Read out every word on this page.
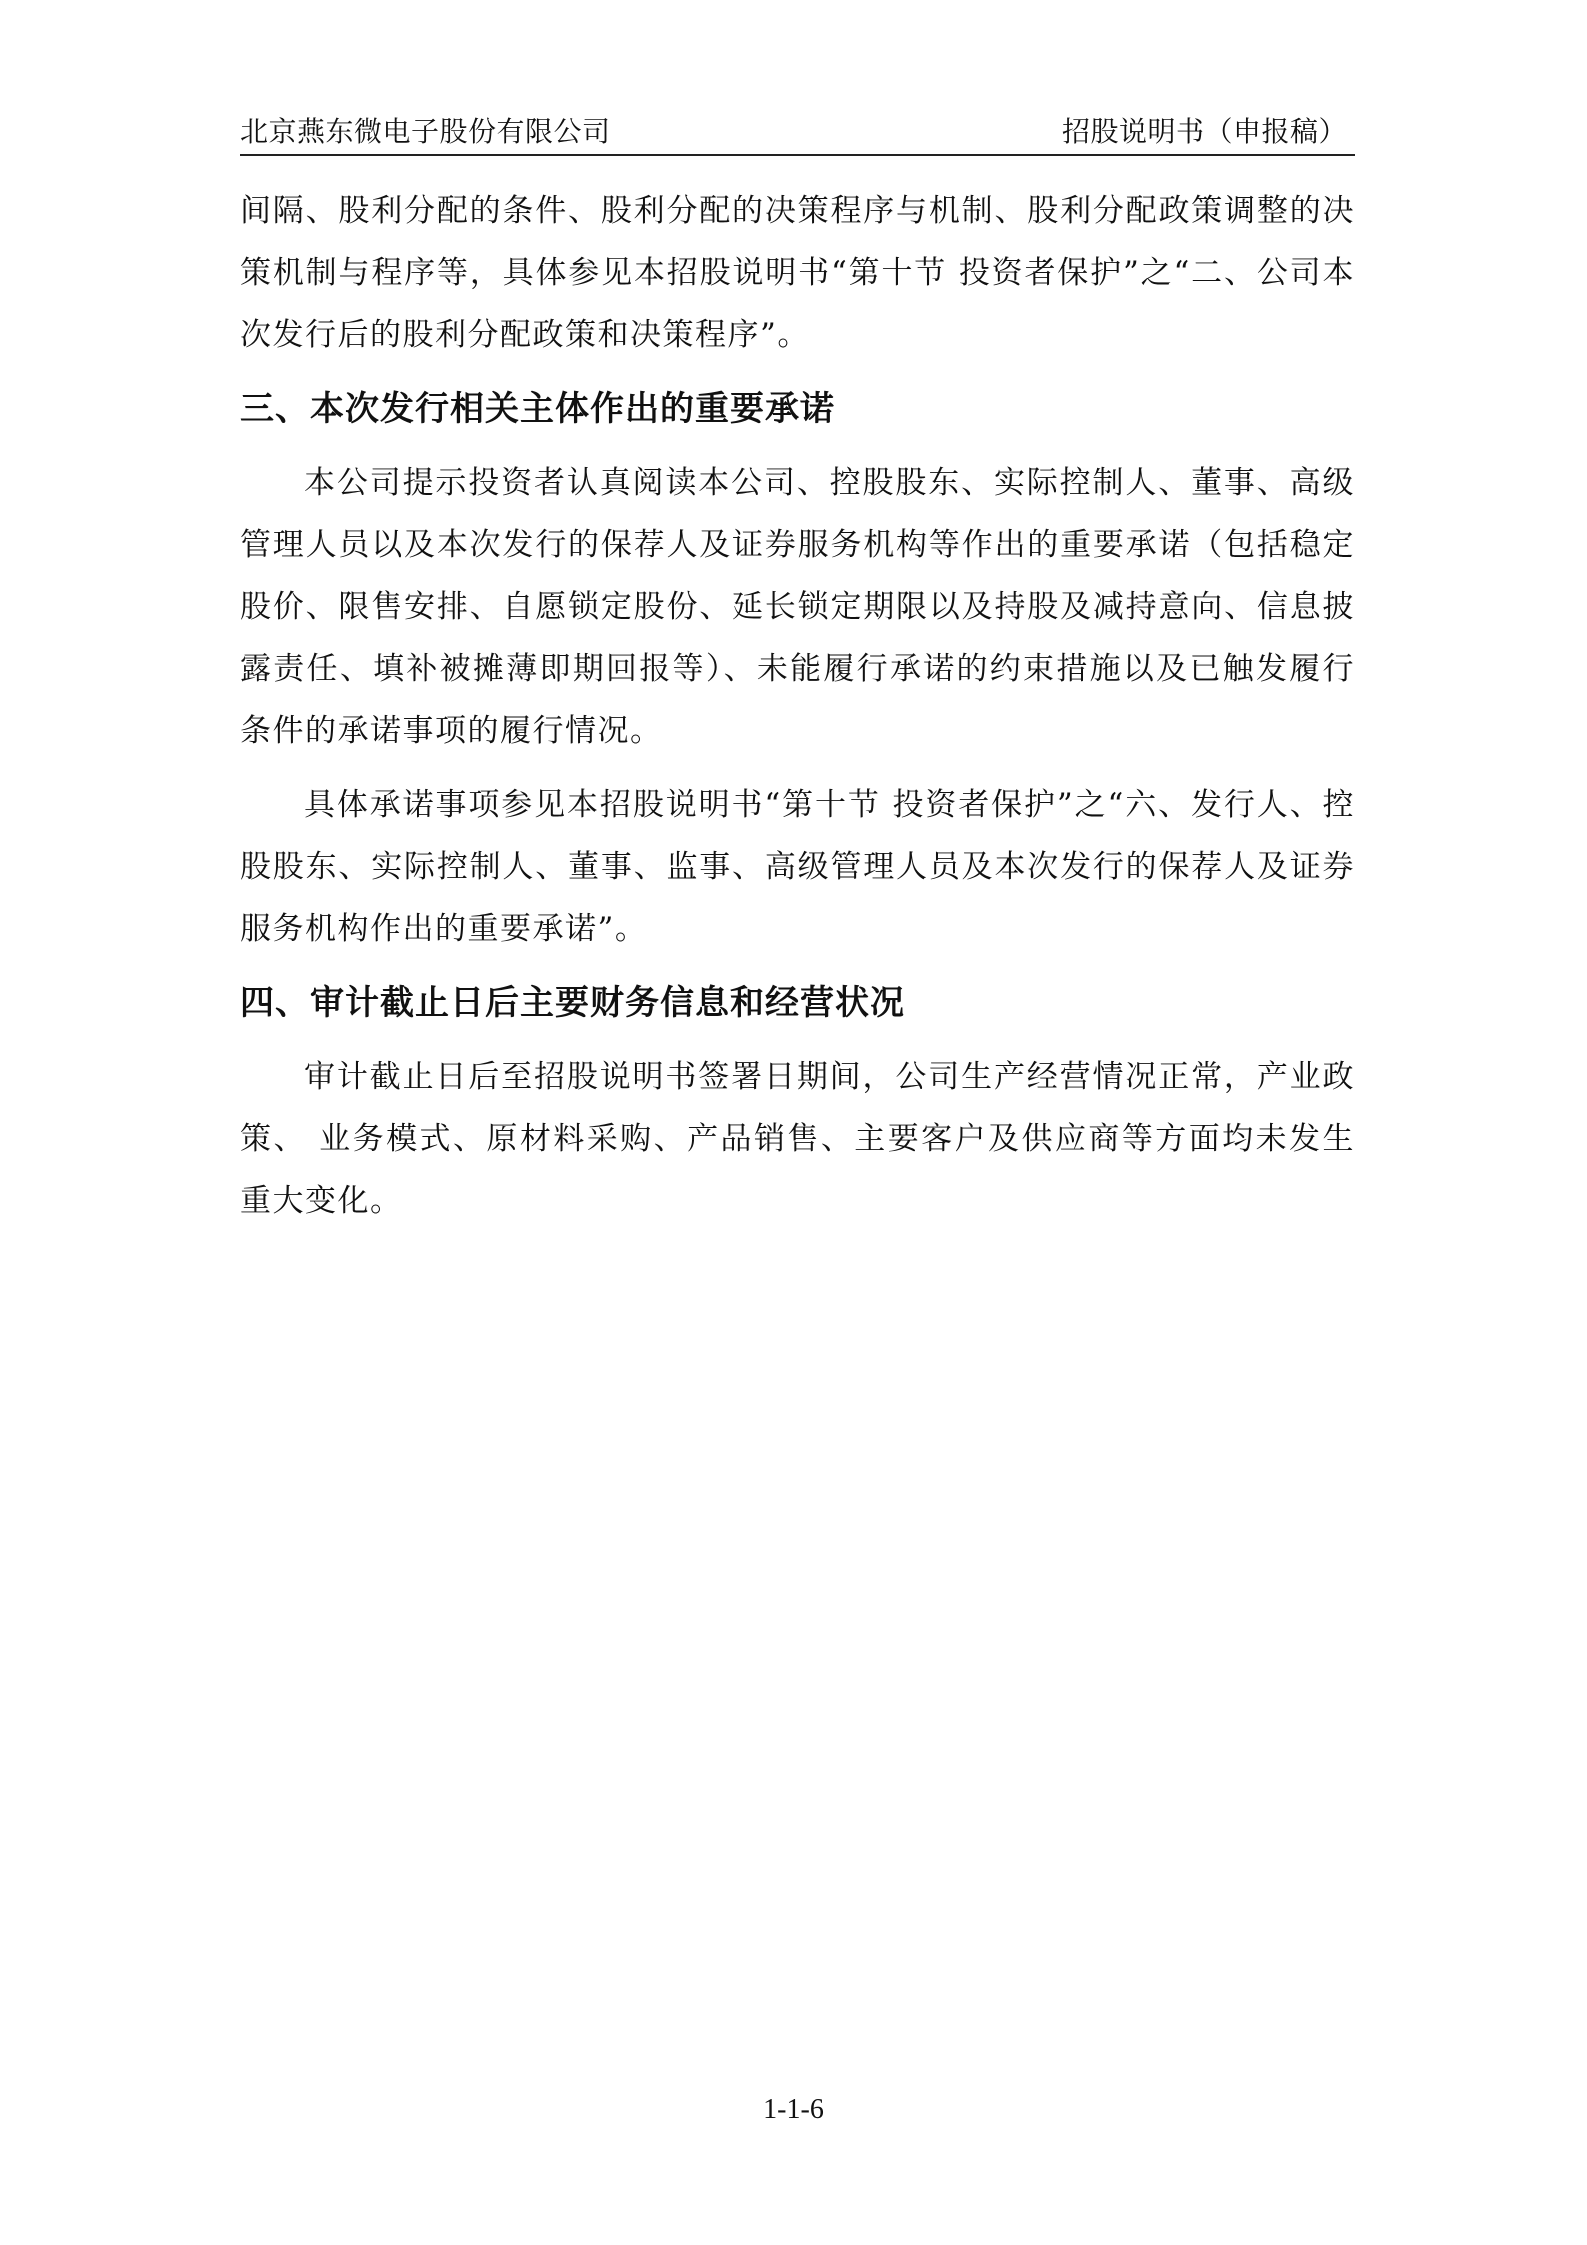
北京燕东微电子股份有限公司	招股说明书（申报稿）

间隔、股利分配的条件、股利分配的决策程序与机制、股利分配政策调整的决策机制与程序等，具体参见本招股说明书“第十节 投资者保护”之“二、公司本次发行后的股利分配政策和决策程序”。

三、本次发行相关主体作出的重要承诺

本公司提示投资者认真阅读本公司、控股股东、实际控制人、董事、高级管理人员以及本次发行的保荐人及证券服务机构等作出的重要承诺（包括稳定股价、限售安排、自愿锁定股份、延长锁定期限以及持股及减持意向、信息披露责任、填补被摊薄即期回报等）、未能履行承诺的约束措施以及已触发履行条件的承诺事项的履行情况。

具体承诺事项参见本招股说明书“第十节 投资者保护”之“六、发行人、控股股东、实际控制人、董事、监事、高级管理人员及本次发行的保荐人及证券服务机构作出的重要承诺”。

四、审计截止日后主要财务信息和经营状况

审计截止日后至招股说明书签署日期间，公司生产经营情况正常，产业政策、 业务模式、原材料采购、产品销售、主要客户及供应商等方面均未发生重大变化。

1-1-6
